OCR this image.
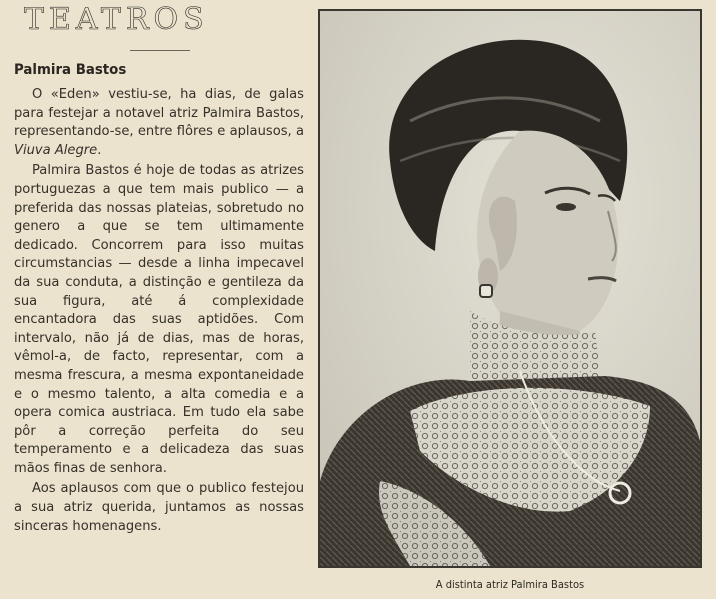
TEATROS
Palmira Bastos

O «Eden» vestiu-se, ha dias, de galas para festejar a notavel atriz Palmira Bastos, representando-se, entre flôres e aplausos, a Viuva Alegre.

Palmira Bastos é hoje de todas as atrizes portuguezas a que tem mais publico — a preferida das nossas plateias, sobretudo no genero a que se tem ultimamente dedicado. Concorrem para isso muitas circumstancias — desde a linha impecavel da sua conduta, a distinção e gentileza da sua figura, até á complexidade encantadora das suas aptidões. Com intervalo, não já de dias, mas de horas, vêmol-a, de facto, representar, com a mesma frescura, a mesma expontaneidade e o mesmo talento, a alta comedia e a opera comica austriaca. Em tudo ela sabe pôr a correção perfeita do seu temperamento e a delicadeza das suas mãos finas de senhora.

Aos aplausos com que o publico festejou a sua atriz querida, juntamos as nossas sinceras homenagens.

A distinta atriz Palmira Bastos
